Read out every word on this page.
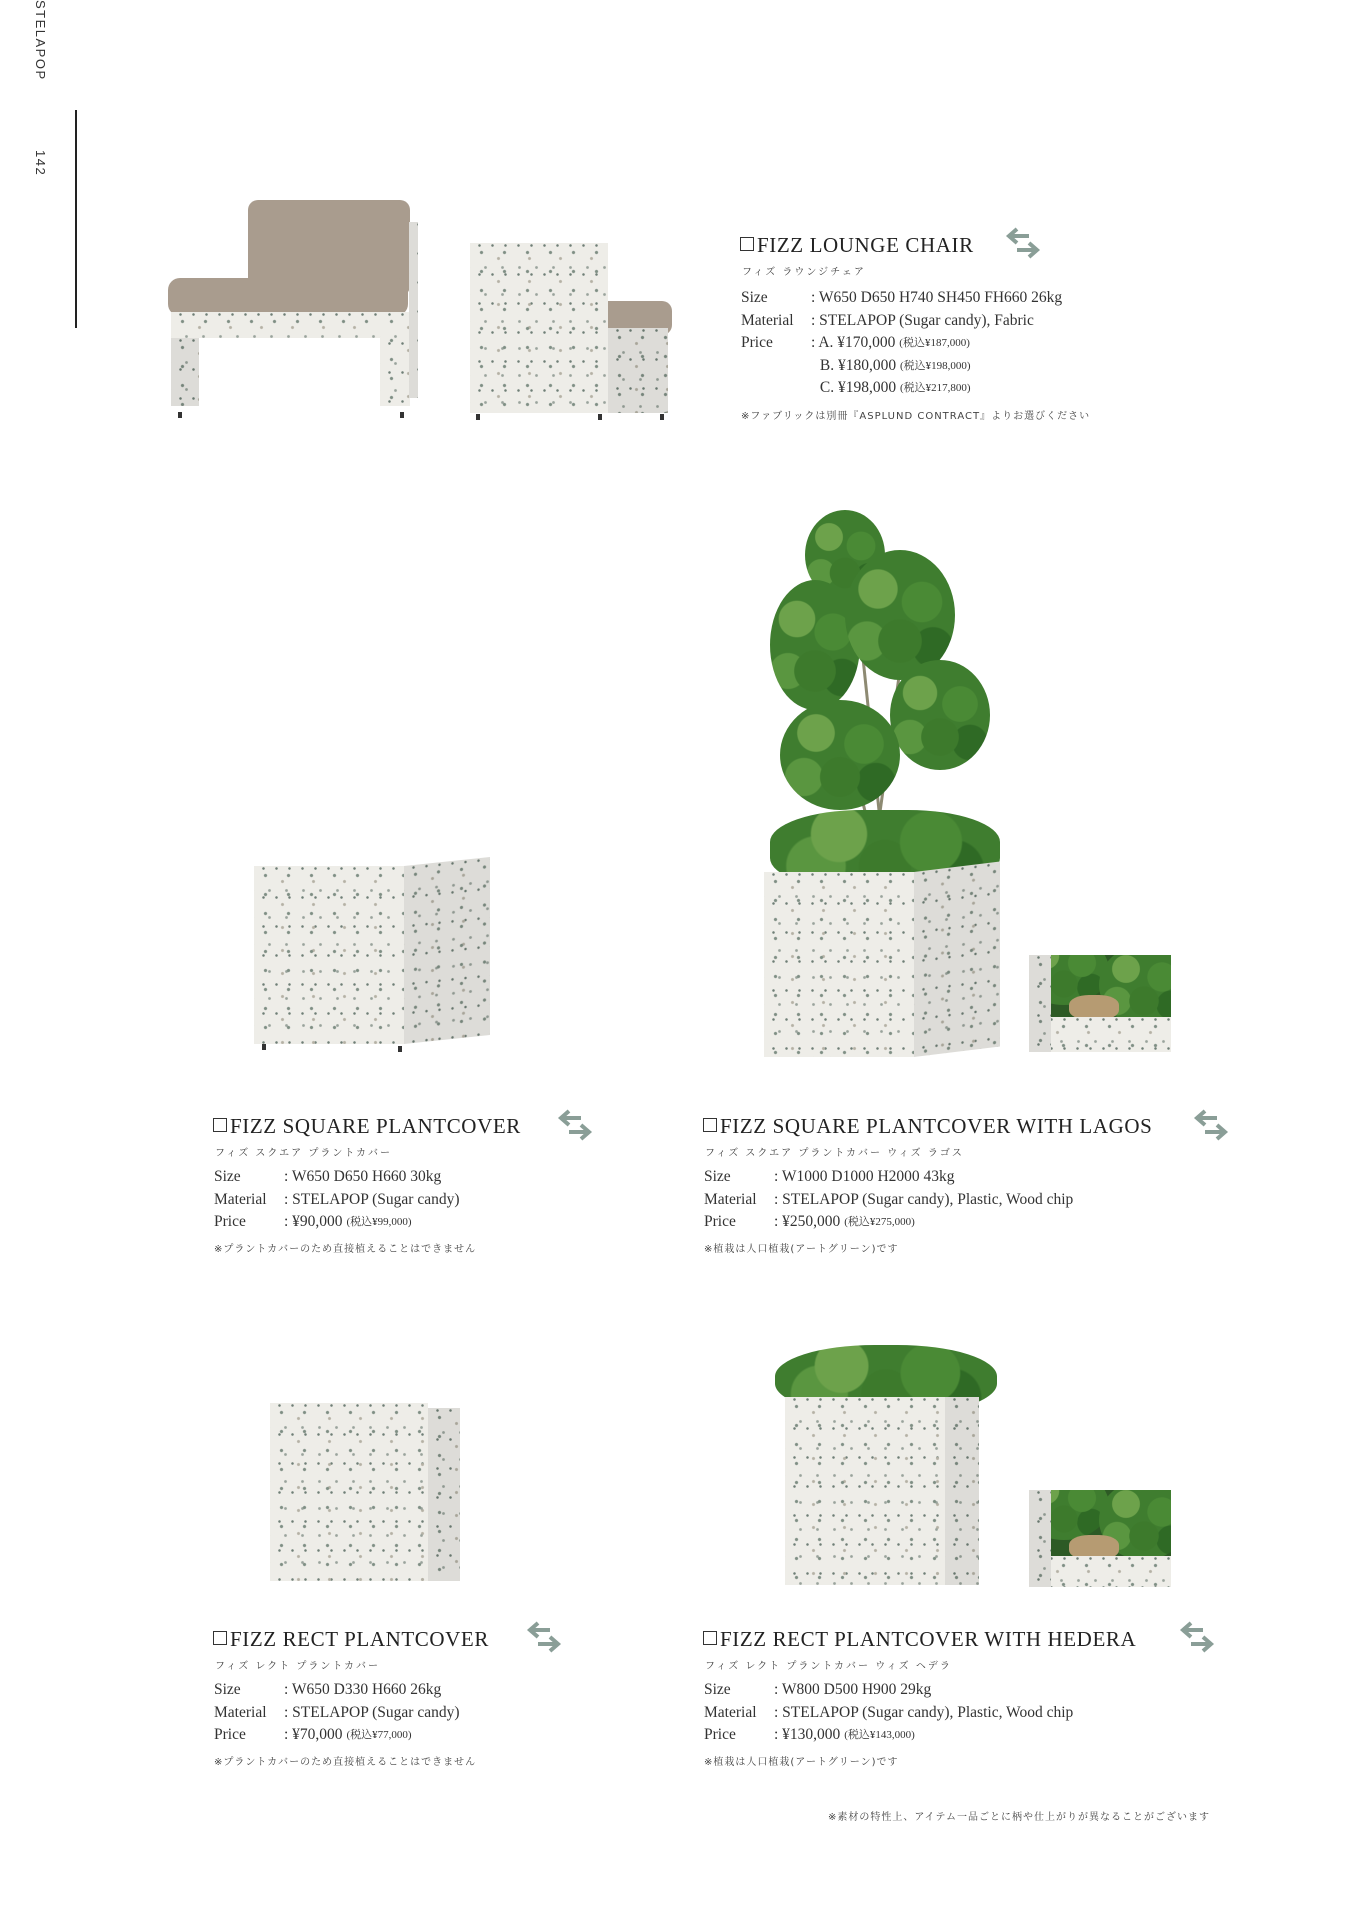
STELAPOP
142
FIZZ LOUNGE CHAIR
フィズ ラウンジチェア
Size	: W650 D650 H740 SH450 FH660 26kg
Material	: STELAPOP (Sugar candy), Fabric
Price	: A. ¥170,000
(税込¥187,000)

B. ¥180,000
(税込¥198,000)

C. ¥198,000
(税込¥217,800)
※ファブリックは別冊『ASPLUND CONTRACT』よりお選びください
FIZZ SQUARE PLANTCOVER
フィズ スクエア プラントカバー
Size	: W650 D650 H660 30kg
Material	: STELAPOP (Sugar candy)
Price	: ¥90,000
(税込¥99,000)
※プラントカバーのため直接植えることはできません
FIZZ SQUARE PLANTCOVER WITH LAGOS
フィズ スクエア プラントカバー ウィズ ラゴス
Size	: W1000 D1000 H2000 43kg
Material	: STELAPOP (Sugar candy), Plastic, Wood chip
Price	: ¥250,000
(税込¥275,000)
※植栽は人口植栽(アートグリーン)です
FIZZ RECT PLANTCOVER
フィズ レクト プラントカバー
Size	: W650 D330 H660 26kg
Material	: STELAPOP (Sugar candy)
Price	: ¥70,000
(税込¥77,000)
※プラントカバーのため直接植えることはできません
FIZZ RECT PLANTCOVER WITH HEDERA
フィズ レクト プラントカバー ウィズ ヘデラ
Size	: W800 D500 H900 29kg
Material	: STELAPOP (Sugar candy), Plastic, Wood chip
Price	: ¥130,000
(税込¥143,000)
※植栽は人口植栽(アートグリーン)です
※素材の特性上、アイテム一品ごとに柄や仕上がりが異なることがございます
